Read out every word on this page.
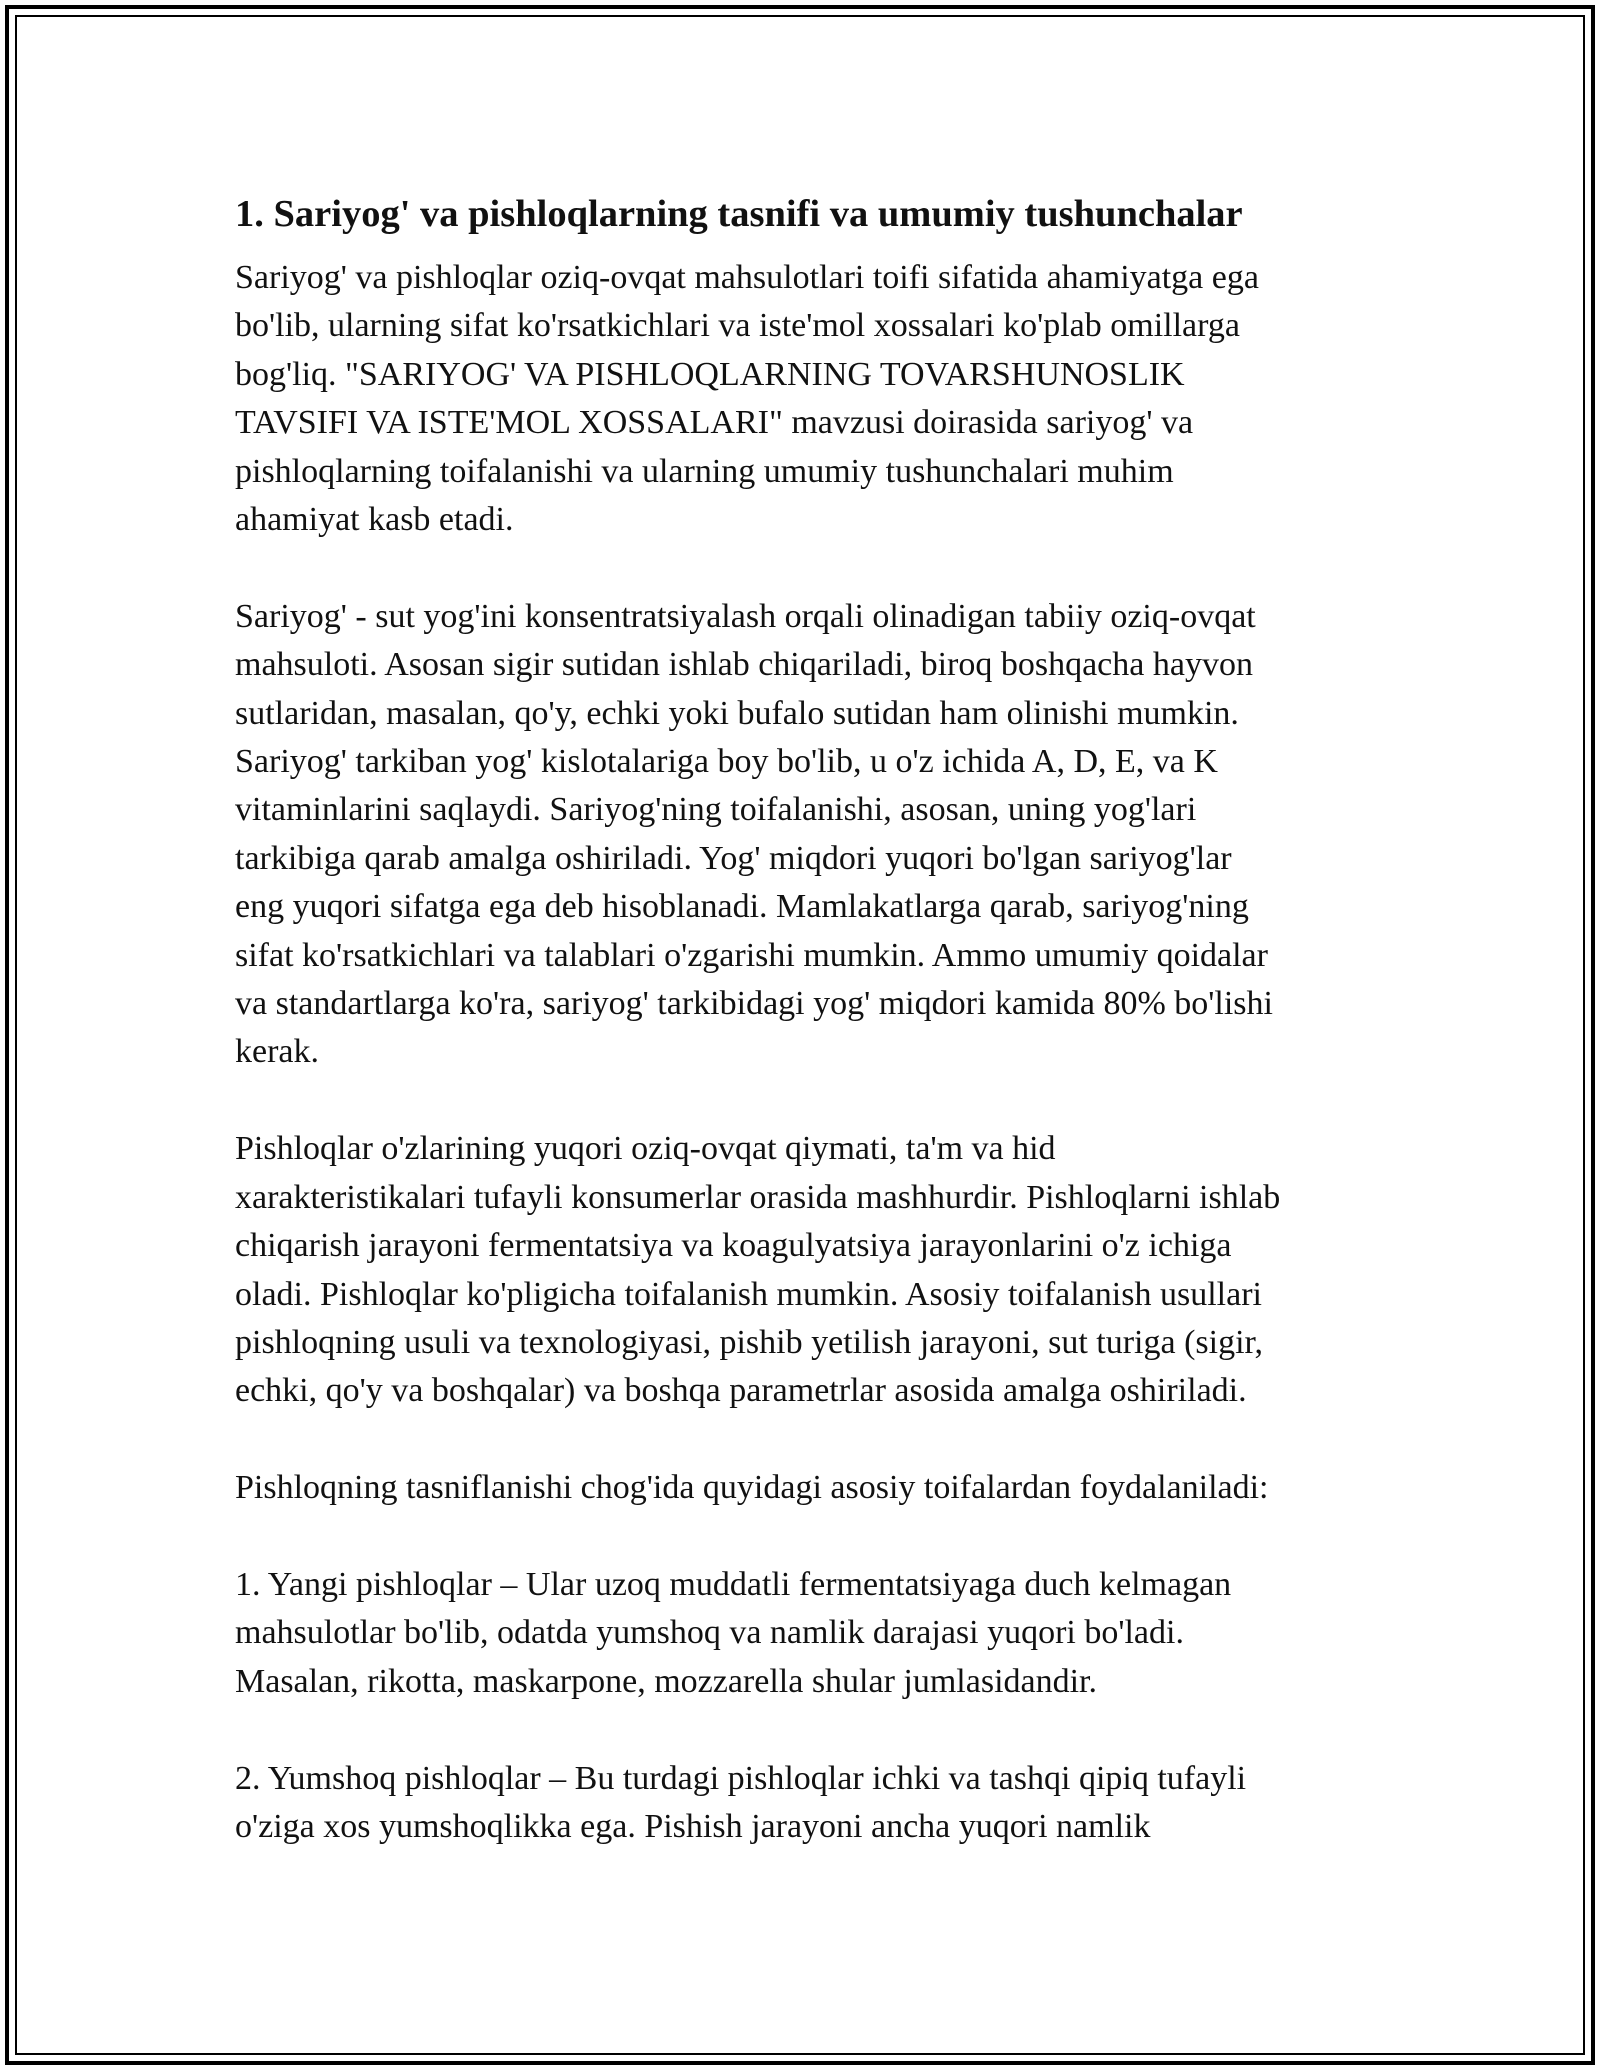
1. Sariyog' va pishloqlarning tasnifi va umumiy tushunchalar

Sariyog' va pishloqlar oziq-ovqat mahsulotlari toifi sifatida ahamiyatga ega
bo'lib, ularning sifat ko'rsatkichlari va iste'mol xossalari ko'plab omillarga
bog'liq. "SARIYOG' VA PISHLOQLARNING TOVARSHUNOSLIK
TAVSIFI VA ISTE'MOL XOSSALARI" mavzusi doirasida sariyog' va
pishloqlarning toifalanishi va ularning umumiy tushunchalari muhim
ahamiyat kasb etadi.

Sariyog' - sut yog'ini konsentratsiyalash orqali olinadigan tabiiy oziq-ovqat
mahsuloti. Asosan sigir sutidan ishlab chiqariladi, biroq boshqacha hayvon
sutlaridan, masalan, qo'y, echki yoki bufalo sutidan ham olinishi mumkin.
Sariyog' tarkiban yog' kislotalariga boy bo'lib, u o'z ichida A, D, E, va K
vitaminlarini saqlaydi. Sariyog'ning toifalanishi, asosan, uning yog'lari
tarkibiga qarab amalga oshiriladi. Yog' miqdori yuqori bo'lgan sariyog'lar
eng yuqori sifatga ega deb hisoblanadi. Mamlakatlarga qarab, sariyog'ning
sifat ko'rsatkichlari va talablari o'zgarishi mumkin. Ammo umumiy qoidalar
va standartlarga ko'ra, sariyog' tarkibidagi yog' miqdori kamida 80% bo'lishi
kerak.

Pishloqlar o'zlarining yuqori oziq-ovqat qiymati, ta'm va hid
xarakteristikalari tufayli konsumerlar orasida mashhurdir. Pishloqlarni ishlab
chiqarish jarayoni fermentatsiya va koagulyatsiya jarayonlarini o'z ichiga
oladi. Pishloqlar ko'pligicha toifalanish mumkin. Asosiy toifalanish usullari
pishloqning usuli va texnologiyasi, pishib yetilish jarayoni, sut turiga (sigir,
echki, qo'y va boshqalar) va boshqa parametrlar asosida amalga oshiriladi.

Pishloqning tasniflanishi chog'ida quyidagi asosiy toifalardan foydalaniladi:

1. Yangi pishloqlar – Ular uzoq muddatli fermentatsiyaga duch kelmagan
mahsulotlar bo'lib, odatda yumshoq va namlik darajasi yuqori bo'ladi.
Masalan, rikotta, maskarpone, mozzarella shular jumlasidandir.

2. Yumshoq pishloqlar – Bu turdagi pishloqlar ichki va tashqi qipiq tufayli
o'ziga xos yumshoqlikka ega. Pishish jarayoni ancha yuqori namlik
